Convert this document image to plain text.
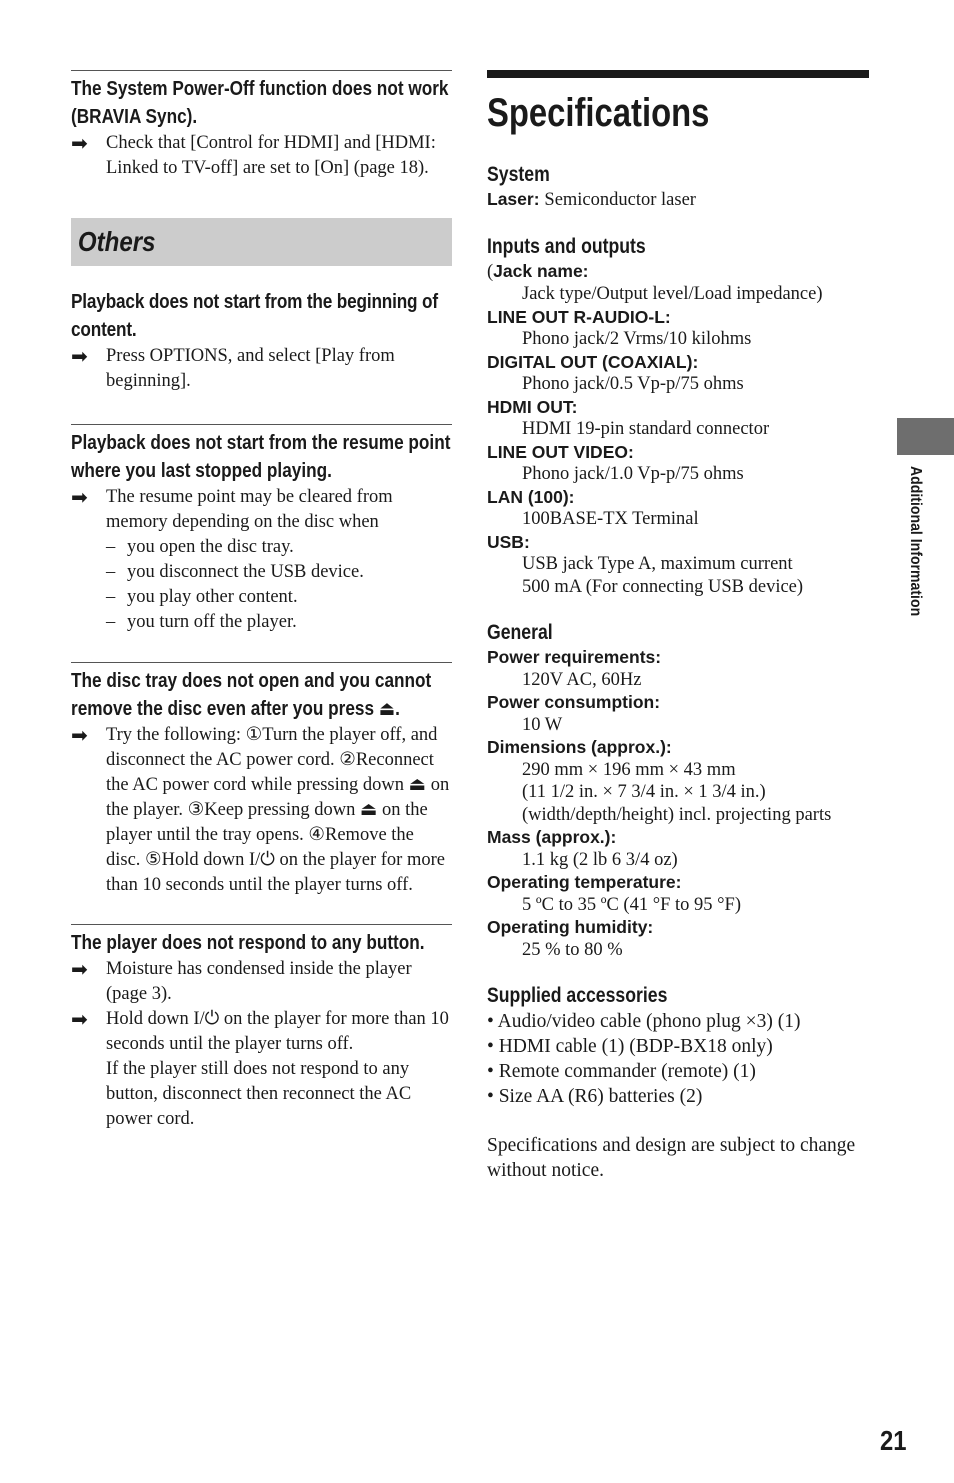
The System Power-Off function does not work (BRAVIA Sync).
➡ Check that [Control for HDMI] and [HDMI: Linked to TV-off] are set to [On] (page 18).
Others
Playback does not start from the beginning of content.
➡ Press OPTIONS, and select [Play from beginning].
Playback does not start from the resume point where you last stopped playing.
➡ The resume point may be cleared from memory depending on the disc when
– you open the disc tray.
– you disconnect the USB device.
– you play other content.
– you turn off the player.
The disc tray does not open and you cannot remove the disc even after you press ⏏.
➡ Try the following: ①Turn the player off, and disconnect the AC power cord. ②Reconnect the AC power cord while pressing down ⏏ on the player. ③Keep pressing down ⏏ on the player until the tray opens. ④Remove the disc. ⑤Hold down I/⏻ on the player for more than 10 seconds until the player turns off.
The player does not respond to any button.
➡ Moisture has condensed inside the player (page 3).
➡ Hold down I/⏻ on the player for more than 10 seconds until the player turns off.
If the player still does not respond to any button, disconnect then reconnect the AC power cord.
Specifications
System
Laser: Semiconductor laser
Inputs and outputs
(Jack name:
Jack type/Output level/Load impedance)
LINE OUT R-AUDIO-L:
Phono jack/2 Vrms/10 kilohms
DIGITAL OUT (COAXIAL):
Phono jack/0.5 Vp-p/75 ohms
HDMI OUT:
HDMI 19-pin standard connector
LINE OUT VIDEO:
Phono jack/1.0 Vp-p/75 ohms
LAN (100):
100BASE-TX Terminal
USB:
USB jack Type A, maximum current
500 mA (For connecting USB device)
General
Power requirements:
120V AC, 60Hz
Power consumption:
10 W
Dimensions (approx.):
290 mm × 196 mm × 43 mm
(11 1/2 in. × 7 3/4 in. × 1 3/4 in.)
(width/depth/height) incl. projecting parts
Mass (approx.):
1.1 kg (2 lb 6 3/4 oz)
Operating temperature:
5 ºC to 35 ºC (41 °F to 95 °F)
Operating humidity:
25 % to 80 %
Supplied accessories
• Audio/video cable (phono plug ×3) (1)
• HDMI cable (1) (BDP-BX18 only)
• Remote commander (remote) (1)
• Size AA (R6) batteries (2)
Specifications and design are subject to change without notice.
Additional Information
21
